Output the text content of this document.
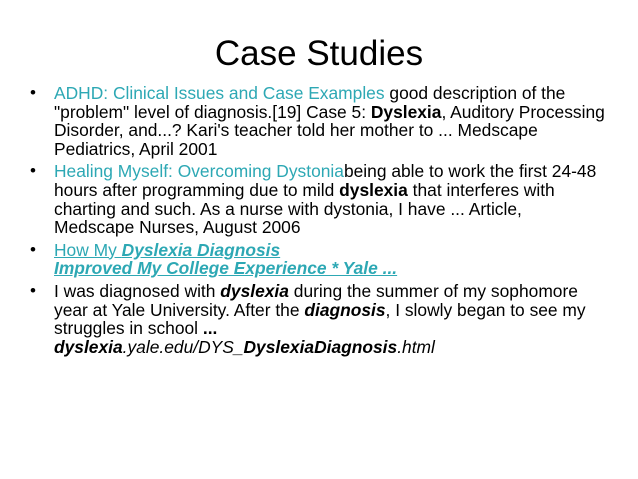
Case Studies
• ADHD: Clinical Issues and Case Examples good description of the "problem" level of diagnosis.[19] Case 5: Dyslexia, Auditory Processing Disorder, and...? Kari's teacher told her mother to ... Medscape Pediatrics, April 2001
• Healing Myself: Overcoming Dystoniabeing able to work the first 24-48 hours after programming due to mild dyslexia that interferes with charting and such. As a nurse with dystonia, I have ... Article, Medscape Nurses, August 2006
• How My Dyslexia Diagnosis
Improved My College Experience * Yale ...
• I was diagnosed with dyslexia during the summer of my sophomore year at Yale University. After the diagnosis, I slowly began to see my struggles in school ...
dyslexia.yale.edu/DYS_DyslexiaDiagnosis.html
